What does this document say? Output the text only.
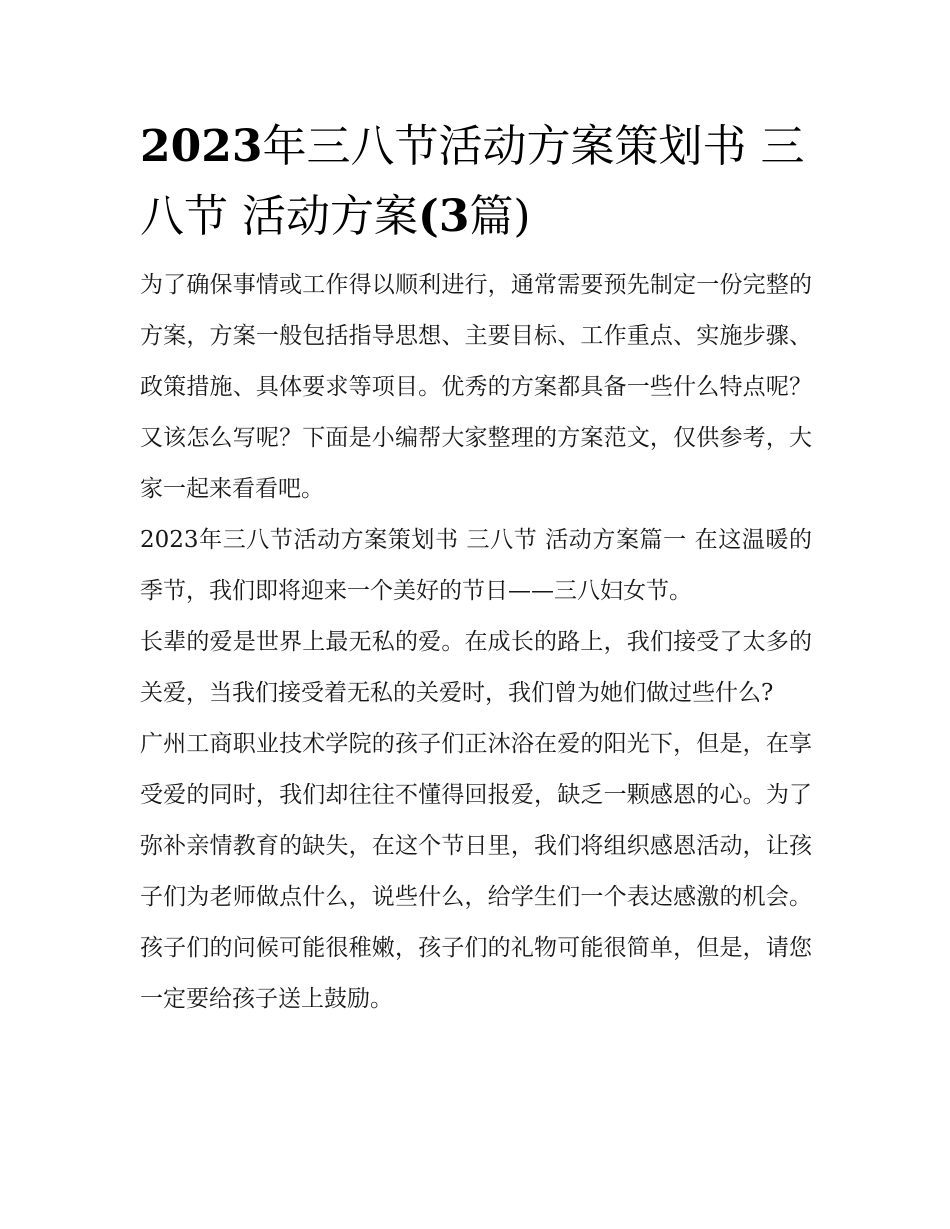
2023年三八节活动方案策划书 三八节 活动方案(3篇)

为了确保事情或工作得以顺利进行，通常需要预先制定一份完整的方案，方案一般包括指导思想、主要目标、工作重点、实施步骤、政策措施、具体要求等项目。优秀的方案都具备一些什么特点呢？又该怎么写呢？下面是小编帮大家整理的方案范文，仅供参考，大家一起来看看吧。

2023年三八节活动方案策划书 三八节 活动方案篇一 在这温暖的季节，我们即将迎来一个美好的节日——三八妇女节。

长辈的爱是世界上最无私的爱。在成长的路上，我们接受了太多的关爱，当我们接受着无私的关爱时，我们曾为她们做过些什么?

广州工商职业技术学院的孩子们正沐浴在爱的阳光下，但是，在享受爱的同时，我们却往往不懂得回报爱，缺乏一颗感恩的心。为了弥补亲情教育的缺失，在这个节日里，我们将组织感恩活动，让孩子们为老师做点什么，说些什么，给学生们一个表达感激的机会。孩子们的问候可能很稚嫩，孩子们的礼物可能很简单，但是，请您一定要给孩子送上鼓励。
